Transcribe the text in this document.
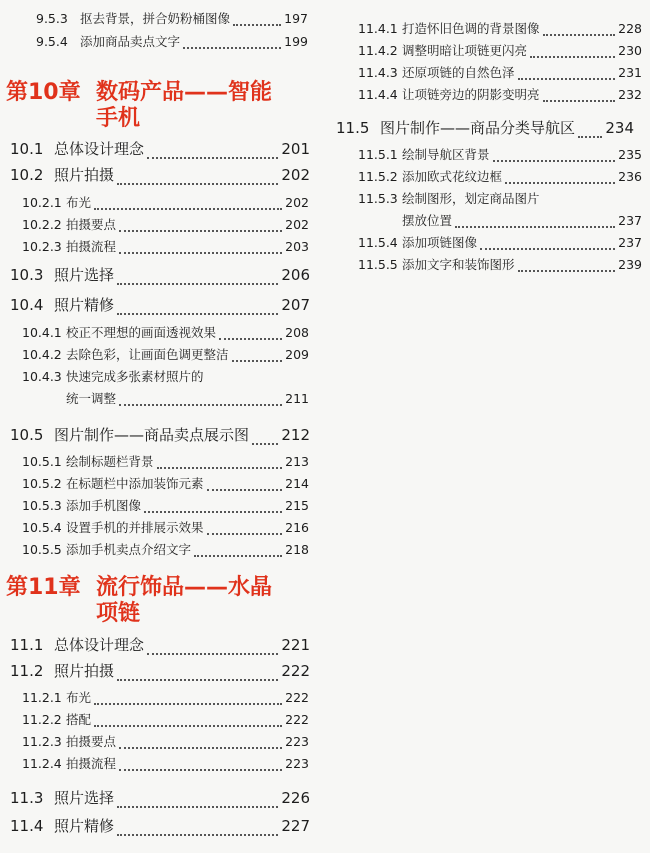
9.5.3 抠去背景，拼合奶粉桶图像	197
9.5.4 添加商品卖点文字	199
第10章 数码产品——智能
手机
10.1 总体设计理念	201
10.2 照片拍摄	202
10.2.1 布光	202
10.2.2 拍摄要点	202
10.2.3 拍摄流程	203
10.3 照片选择	206
10.4 照片精修	207
10.4.1 校正不理想的画面透视效果	208
10.4.2 去除色彩，让画面色调更整洁	209
10.4.3 快速完成多张素材照片的
统一调整	211
10.5 图片制作——商品卖点展示图 212
10.5.1 绘制标题栏背景	213
10.5.2 在标题栏中添加装饰元素	214
10.5.3 添加手机图像	215
10.5.4 设置手机的并排展示效果	216
10.5.5 添加手机卖点介绍文字	218
第11章 流行饰品——水晶
项链
11.1 总体设计理念	221
11.2 照片拍摄	222
11.2.1 布光	222
11.2.2 搭配	222
11.2.3 拍摄要点	223
11.2.4 拍摄流程	223
11.3 照片选择	226
11.4 照片精修	227
11.4.1 打造怀旧色调的背景图像	228
11.4.2 调整明暗让项链更闪亮	230
11.4.3 还原项链的自然色泽	231
11.4.4 让项链旁边的阴影变明亮	232
11.5 图片制作——商品分类导航区 234
11.5.1 绘制导航区背景	235
11.5.2 添加欧式花纹边框	236
11.5.3 绘制图形，划定商品图片
摆放位置	237
11.5.4 添加项链图像	237
11.5.5 添加文字和装饰图形	239
